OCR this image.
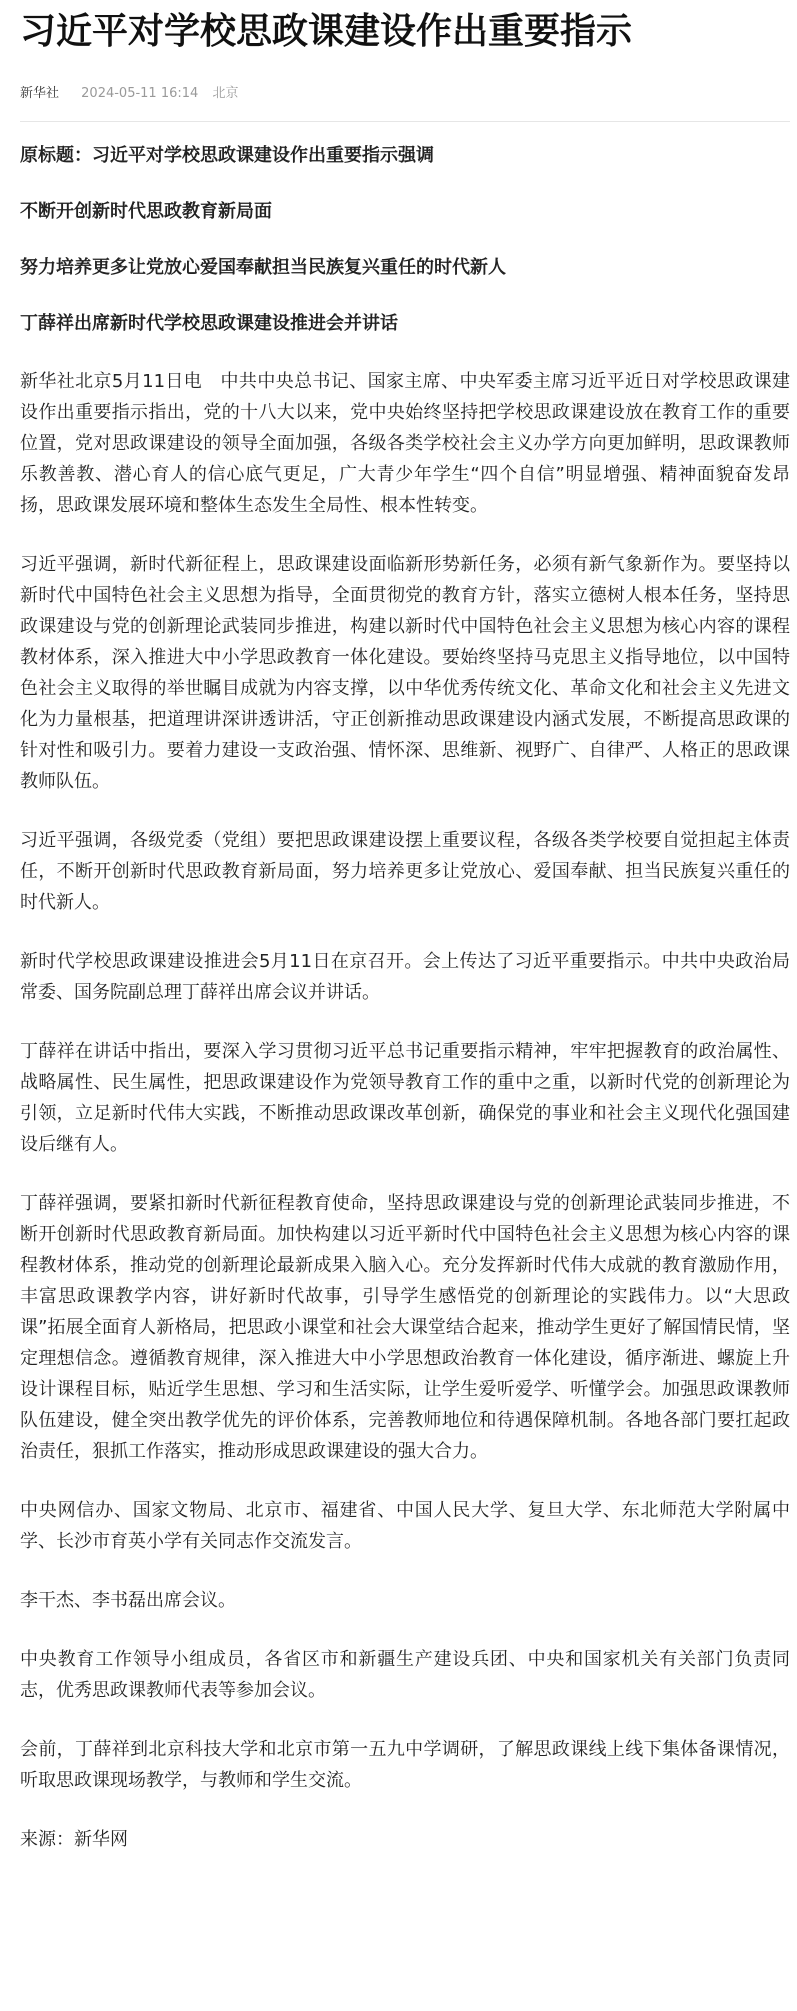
习近平对学校思政课建设作出重要指示
新华社 2024-05-11 16:14 北京

原标题：习近平对学校思政课建设作出重要指示强调

不断开创新时代思政教育新局面

努力培养更多让党放心爱国奉献担当民族复兴重任的时代新人

丁薛祥出席新时代学校思政课建设推进会并讲话

新华社北京5月11日电　中共中央总书记、国家主席、中央军委主席习近平近日对学校思政课建设作出重要指示指出，党的十八大以来，党中央始终坚持把学校思政课建设放在教育工作的重要位置，党对思政课建设的领导全面加强，各级各类学校社会主义办学方向更加鲜明，思政课教师乐教善教、潜心育人的信心底气更足，广大青少年学生“四个自信”明显增强、精神面貌奋发昂扬，思政课发展环境和整体生态发生全局性、根本性转变。

习近平强调，新时代新征程上，思政课建设面临新形势新任务，必须有新气象新作为。要坚持以新时代中国特色社会主义思想为指导，全面贯彻党的教育方针，落实立德树人根本任务，坚持思政课建设与党的创新理论武装同步推进，构建以新时代中国特色社会主义思想为核心内容的课程教材体系，深入推进大中小学思政教育一体化建设。要始终坚持马克思主义指导地位，以中国特色社会主义取得的举世瞩目成就为内容支撑，以中华优秀传统文化、革命文化和社会主义先进文化为力量根基，把道理讲深讲透讲活，守正创新推动思政课建设内涵式发展，不断提高思政课的针对性和吸引力。要着力建设一支政治强、情怀深、思维新、视野广、自律严、人格正的思政课教师队伍。

习近平强调，各级党委（党组）要把思政课建设摆上重要议程，各级各类学校要自觉担起主体责任，不断开创新时代思政教育新局面，努力培养更多让党放心、爱国奉献、担当民族复兴重任的时代新人。

新时代学校思政课建设推进会5月11日在京召开。会上传达了习近平重要指示。中共中央政治局常委、国务院副总理丁薛祥出席会议并讲话。

丁薛祥在讲话中指出，要深入学习贯彻习近平总书记重要指示精神，牢牢把握教育的政治属性、战略属性、民生属性，把思政课建设作为党领导教育工作的重中之重，以新时代党的创新理论为引领，立足新时代伟大实践，不断推动思政课改革创新，确保党的事业和社会主义现代化强国建设后继有人。

丁薛祥强调，要紧扣新时代新征程教育使命，坚持思政课建设与党的创新理论武装同步推进，不断开创新时代思政教育新局面。加快构建以习近平新时代中国特色社会主义思想为核心内容的课程教材体系，推动党的创新理论最新成果入脑入心。充分发挥新时代伟大成就的教育激励作用，丰富思政课教学内容，讲好新时代故事，引导学生感悟党的创新理论的实践伟力。以“大思政课”拓展全面育人新格局，把思政小课堂和社会大课堂结合起来，推动学生更好了解国情民情，坚定理想信念。遵循教育规律，深入推进大中小学思想政治教育一体化建设，循序渐进、螺旋上升设计课程目标，贴近学生思想、学习和生活实际，让学生爱听爱学、听懂学会。加强思政课教师队伍建设，健全突出教学优先的评价体系，完善教师地位和待遇保障机制。各地各部门要扛起政治责任，狠抓工作落实，推动形成思政课建设的强大合力。

中央网信办、国家文物局、北京市、福建省、中国人民大学、复旦大学、东北师范大学附属中学、长沙市育英小学有关同志作交流发言。

李干杰、李书磊出席会议。

中央教育工作领导小组成员，各省区市和新疆生产建设兵团、中央和国家机关有关部门负责同志，优秀思政课教师代表等参加会议。

会前，丁薛祥到北京科技大学和北京市第一五九中学调研，了解思政课线上线下集体备课情况，听取思政课现场教学，与教师和学生交流。

来源：新华网
